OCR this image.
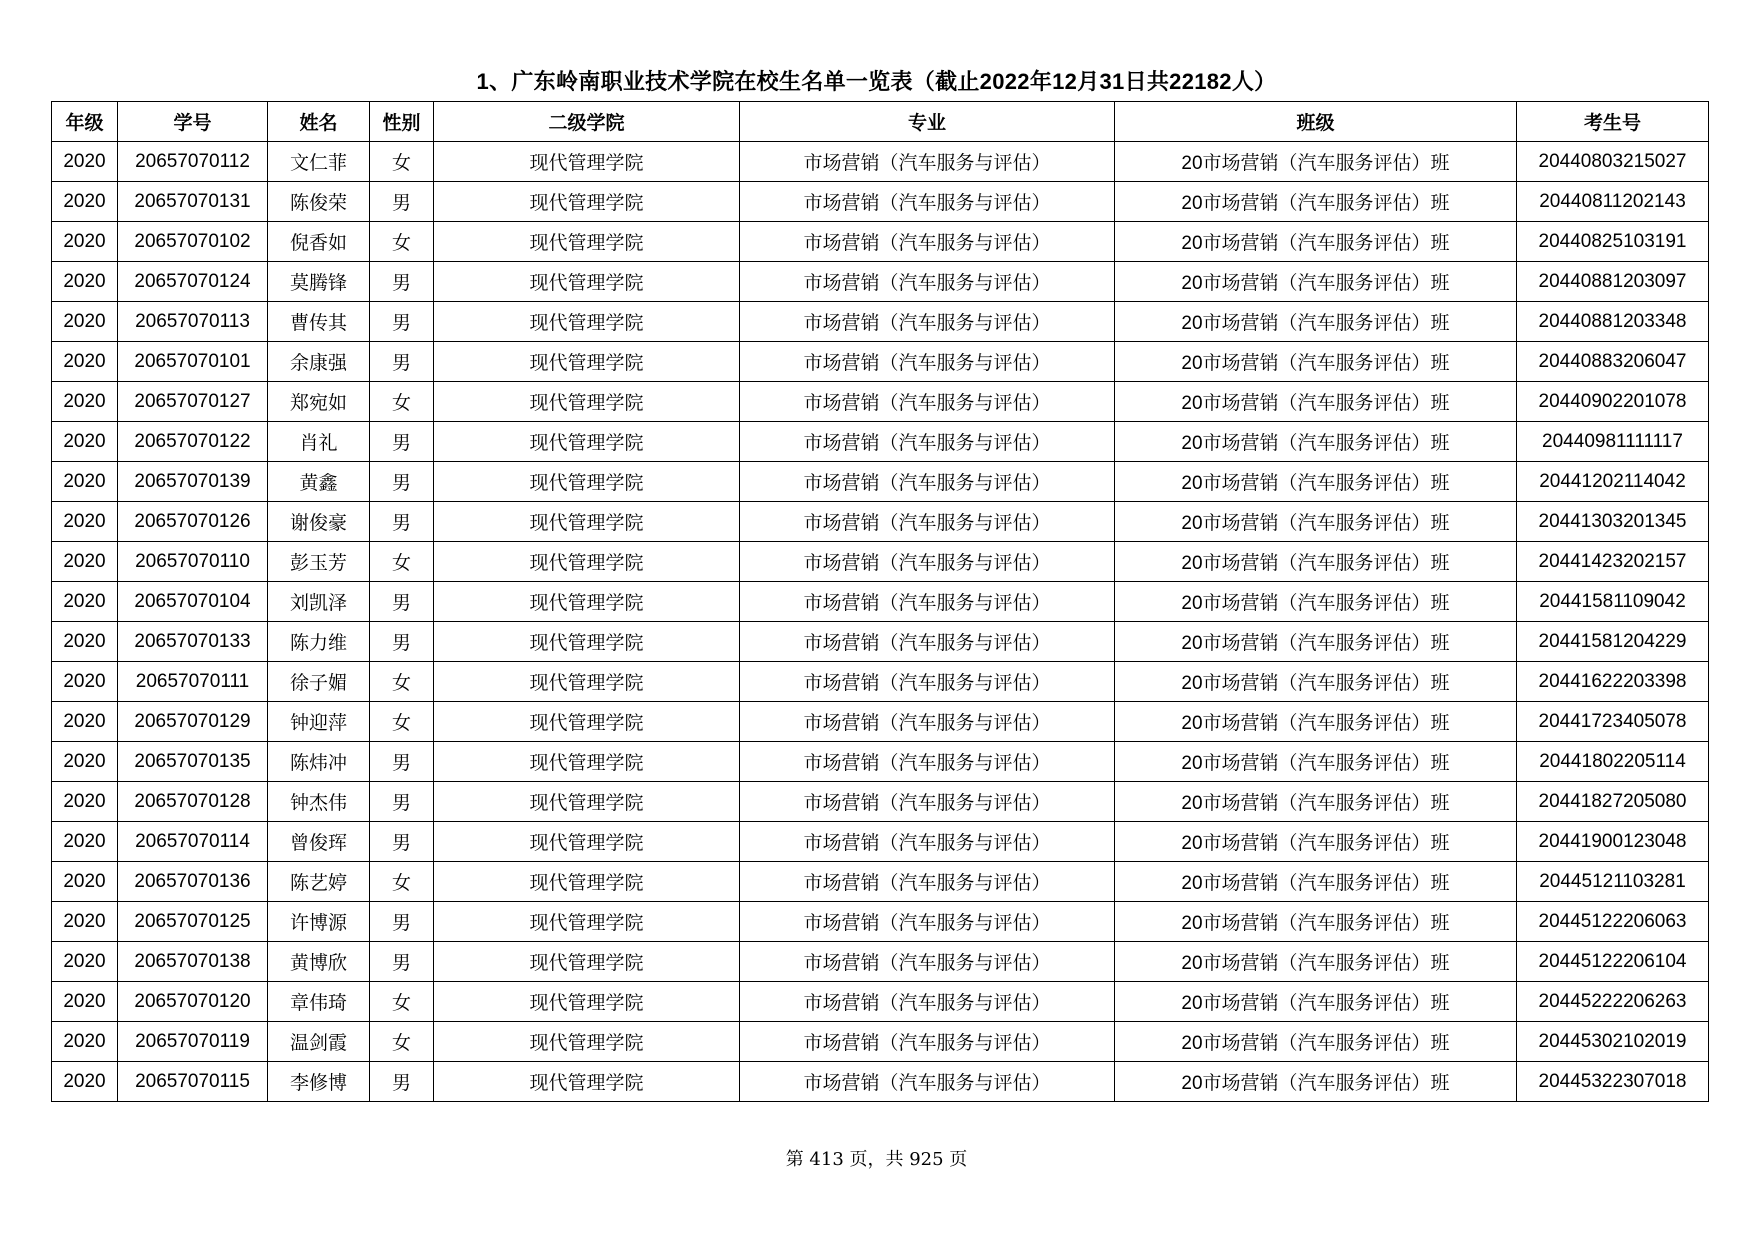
1、广东岭南职业技术学院在校生名单一览表（截止2022年12月31日共22182人）
年级	学号	姓名	性别	二级学院	专业	班级	考生号
2020	20657070112	文仁菲	女	现代管理学院	市场营销（汽车服务与评估）	20市场营销（汽车服务评估）班	20440803215027
2020	20657070131	陈俊荣	男	现代管理学院	市场营销（汽车服务与评估）	20市场营销（汽车服务评估）班	20440811202143
2020	20657070102	倪香如	女	现代管理学院	市场营销（汽车服务与评估）	20市场营销（汽车服务评估）班	20440825103191
2020	20657070124	莫腾锋	男	现代管理学院	市场营销（汽车服务与评估）	20市场营销（汽车服务评估）班	20440881203097
2020	20657070113	曹传其	男	现代管理学院	市场营销（汽车服务与评估）	20市场营销（汽车服务评估）班	20440881203348
2020	20657070101	余康强	男	现代管理学院	市场营销（汽车服务与评估）	20市场营销（汽车服务评估）班	20440883206047
2020	20657070127	郑宛如	女	现代管理学院	市场营销（汽车服务与评估）	20市场营销（汽车服务评估）班	20440902201078
2020	20657070122	肖礼	男	现代管理学院	市场营销（汽车服务与评估）	20市场营销（汽车服务评估）班	20440981111117
2020	20657070139	黄鑫	男	现代管理学院	市场营销（汽车服务与评估）	20市场营销（汽车服务评估）班	20441202114042
2020	20657070126	谢俊豪	男	现代管理学院	市场营销（汽车服务与评估）	20市场营销（汽车服务评估）班	20441303201345
2020	20657070110	彭玉芳	女	现代管理学院	市场营销（汽车服务与评估）	20市场营销（汽车服务评估）班	20441423202157
2020	20657070104	刘凯泽	男	现代管理学院	市场营销（汽车服务与评估）	20市场营销（汽车服务评估）班	20441581109042
2020	20657070133	陈力维	男	现代管理学院	市场营销（汽车服务与评估）	20市场营销（汽车服务评估）班	20441581204229
2020	20657070111	徐子媚	女	现代管理学院	市场营销（汽车服务与评估）	20市场营销（汽车服务评估）班	20441622203398
2020	20657070129	钟迎萍	女	现代管理学院	市场营销（汽车服务与评估）	20市场营销（汽车服务评估）班	20441723405078
2020	20657070135	陈炜冲	男	现代管理学院	市场营销（汽车服务与评估）	20市场营销（汽车服务评估）班	20441802205114
2020	20657070128	钟杰伟	男	现代管理学院	市场营销（汽车服务与评估）	20市场营销（汽车服务评估）班	20441827205080
2020	20657070114	曾俊珲	男	现代管理学院	市场营销（汽车服务与评估）	20市场营销（汽车服务评估）班	20441900123048
2020	20657070136	陈艺婷	女	现代管理学院	市场营销（汽车服务与评估）	20市场营销（汽车服务评估）班	20445121103281
2020	20657070125	许博源	男	现代管理学院	市场营销（汽车服务与评估）	20市场营销（汽车服务评估）班	20445122206063
2020	20657070138	黄博欣	男	现代管理学院	市场营销（汽车服务与评估）	20市场营销（汽车服务评估）班	20445122206104
2020	20657070120	章伟琦	女	现代管理学院	市场营销（汽车服务与评估）	20市场营销（汽车服务评估）班	20445222206263
2020	20657070119	温剑霞	女	现代管理学院	市场营销（汽车服务与评估）	20市场营销（汽车服务评估）班	20445302102019
2020	20657070115	李修博	男	现代管理学院	市场营销（汽车服务与评估）	20市场营销（汽车服务评估）班	20445322307018
第 413 页，共 925 页
